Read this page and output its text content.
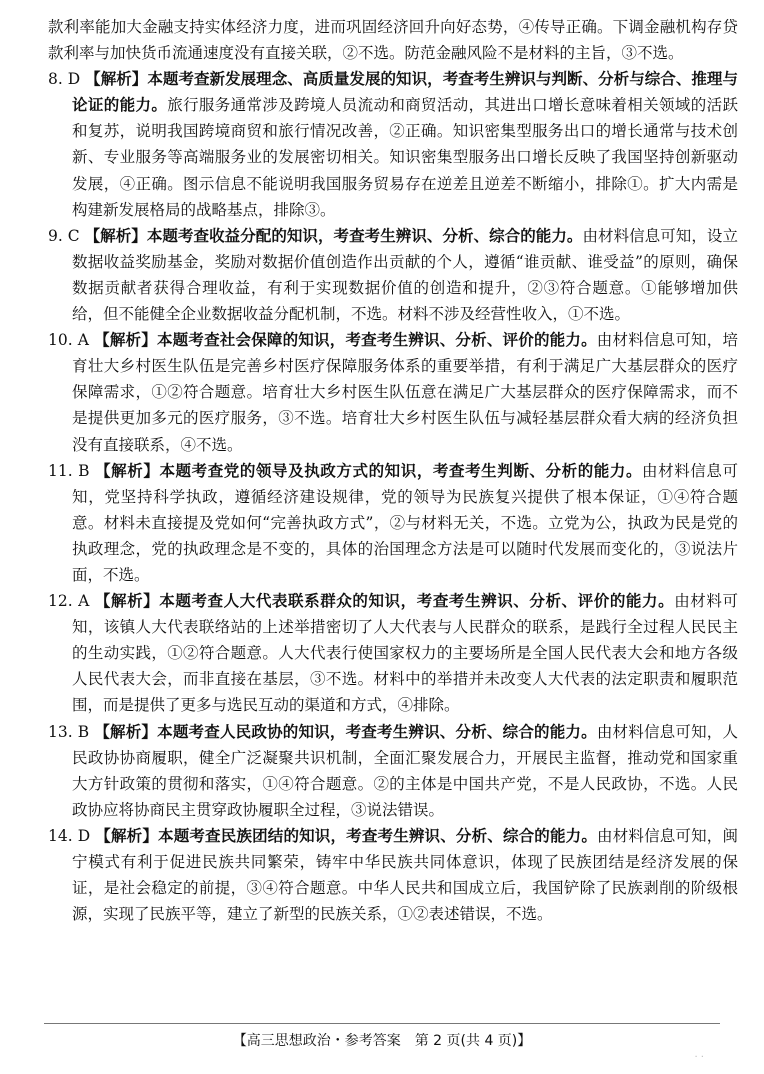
款利率能加大金融支持实体经济力度，进而巩固经济回升向好态势，④传导正确。下调金融机构存贷款利率与加快货币流通速度没有直接关联，②不选。防范金融风险不是材料的主旨，③不选。

8. D 【解析】本题考查新发展理念、高质量发展的知识，考查考生辨识与判断、分析与综合、推理与论证的能力。旅行服务通常涉及跨境人员流动和商贸活动，其进出口增长意味着相关领域的活跃和复苏，说明我国跨境商贸和旅行情况改善，②正确。知识密集型服务出口的增长通常与技术创新、专业服务等高端服务业的发展密切相关。知识密集型服务出口增长反映了我国坚持创新驱动发展，④正确。图示信息不能说明我国服务贸易存在逆差且逆差不断缩小，排除①。扩大内需是构建新发展格局的战略基点，排除③。

9. C 【解析】本题考查收益分配的知识，考查考生辨识、分析、综合的能力。由材料信息可知，设立数据收益奖励基金，奖励对数据价值创造作出贡献的个人，遵循“谁贡献、谁受益”的原则，确保数据贡献者获得合理收益，有利于实现数据价值的创造和提升，②③符合题意。①能够增加供给，但不能健全企业数据收益分配机制，不选。材料不涉及经营性收入，①不选。

10. A 【解析】本题考查社会保障的知识，考查考生辨识、分析、评价的能力。由材料信息可知，培育壮大乡村医生队伍是完善乡村医疗保障服务体系的重要举措，有利于满足广大基层群众的医疗保障需求，①②符合题意。培育壮大乡村医生队伍意在满足广大基层群众的医疗保障需求，而不是提供更加多元的医疗服务，③不选。培育壮大乡村医生队伍与减轻基层群众看大病的经济负担没有直接联系，④不选。

11. B 【解析】本题考查党的领导及执政方式的知识，考查考生判断、分析的能力。由材料信息可知，党坚持科学执政，遵循经济建设规律，党的领导为民族复兴提供了根本保证，①④符合题意。材料未直接提及党如何“完善执政方式”，②与材料无关，不选。立党为公，执政为民是党的执政理念，党的执政理念是不变的，具体的治国理念方法是可以随时代发展而变化的，③说法片面，不选。

12. A 【解析】本题考查人大代表联系群众的知识，考查考生辨识、分析、评价的能力。由材料可知，该镇人大代表联络站的上述举措密切了人大代表与人民群众的联系，是践行全过程人民民主的生动实践，①②符合题意。人大代表行使国家权力的主要场所是全国人民代表大会和地方各级人民代表大会，而非直接在基层，③不选。材料中的举措并未改变人大代表的法定职责和履职范围，而是提供了更多与选民互动的渠道和方式，④排除。

13. B 【解析】本题考查人民政协的知识，考查考生辨识、分析、综合的能力。由材料信息可知，人民政协协商履职，健全广泛凝聚共识机制，全面汇聚发展合力，开展民主监督，推动党和国家重大方针政策的贯彻和落实，①④符合题意。②的主体是中国共产党，不是人民政协，不选。人民政协应将协商民主贯穿政协履职全过程，③说法错误。

14. D 【解析】本题考查民族团结的知识，考查考生辨识、分析、综合的能力。由材料信息可知，闽宁模式有利于促进民族共同繁荣，铸牢中华民族共同体意识，体现了民族团结是经济发展的保证，是社会稳定的前提，③④符合题意。中华人民共和国成立后，我国铲除了民族剥削的阶级根源，实现了民族平等，建立了新型的民族关系，①②表述错误，不选。

【高三思想政治・参考答案　第 2 页(共 4 页)】
· ·
